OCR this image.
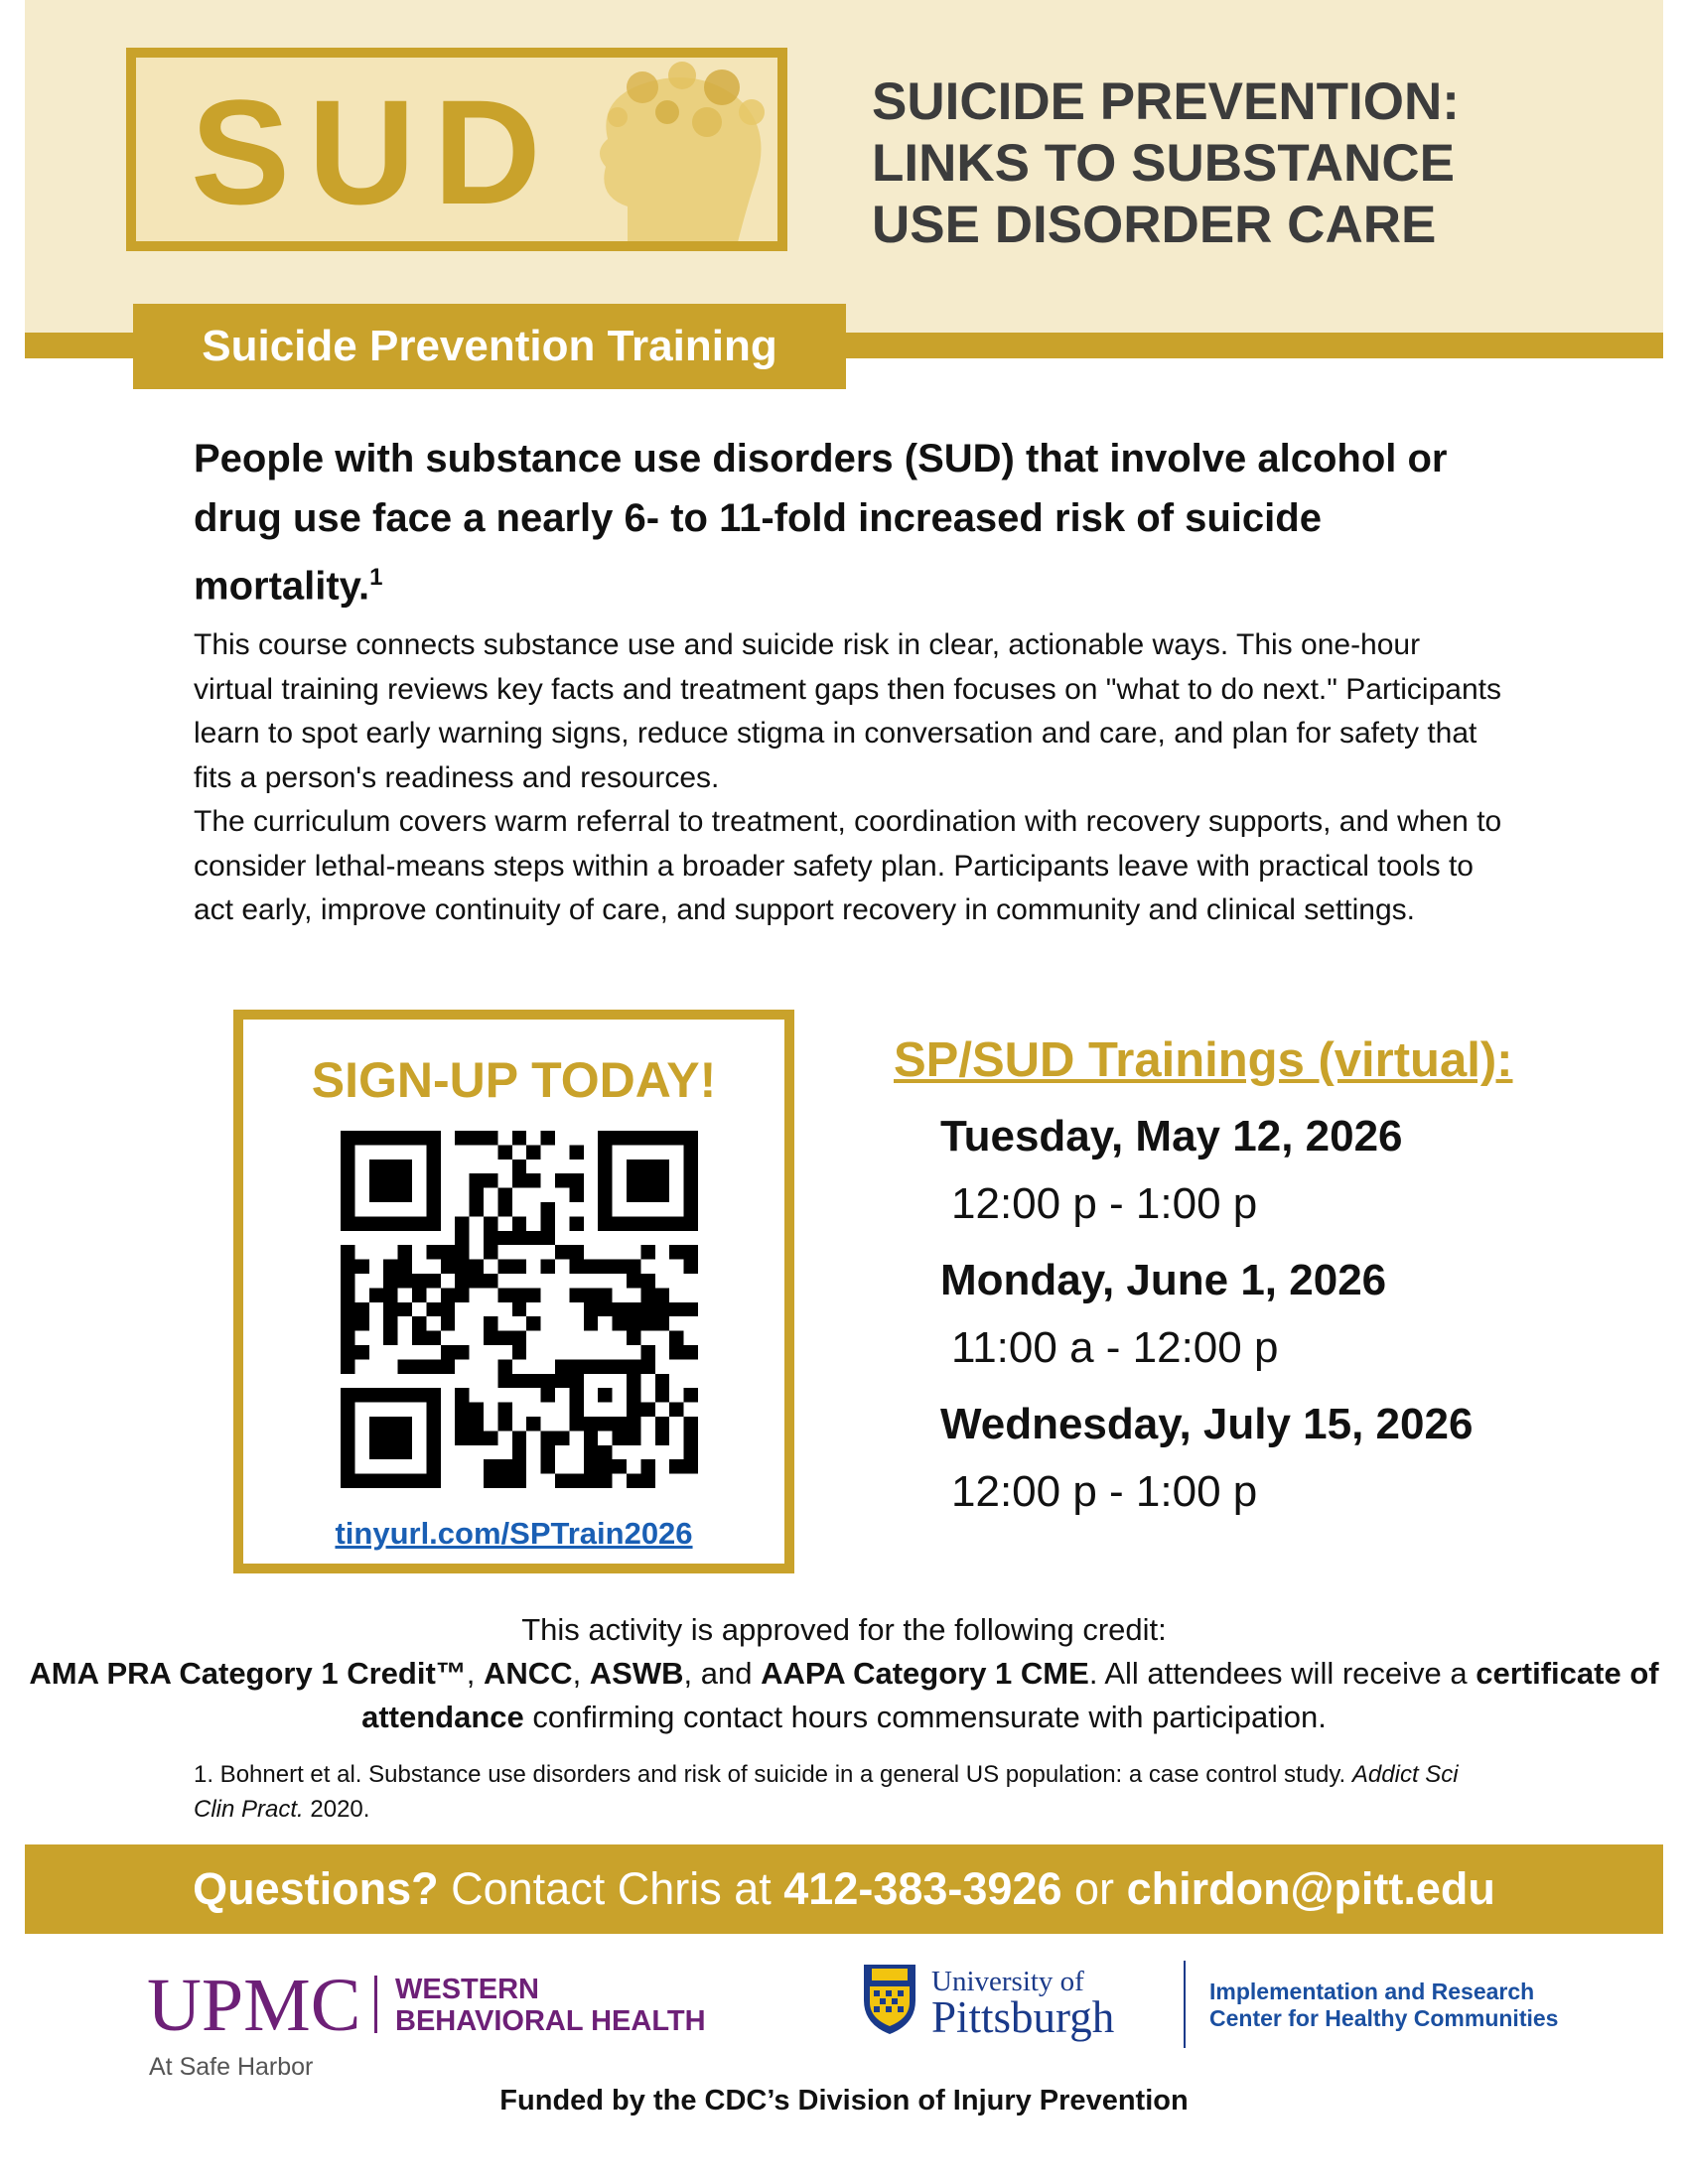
SUD	SUICIDE PREVENTION:
LINKS TO SUBSTANCE
USE DISORDER CARE
Suicide Prevention Training
People with substance use disorders (SUD) that involve alcohol or drug use face a nearly 6- to 11-fold increased risk of suicide mortality.$^1$

This course connects substance use and suicide risk in clear, actionable ways. This one-hour virtual training reviews key facts and treatment gaps then focuses on "what to do next." Participants learn to spot early warning signs, reduce stigma in conversation and care, and plan for safety that fits a person's readiness and resources.

The curriculum covers warm referral to treatment, coordination with recovery supports, and when to consider lethal-means steps within a broader safety plan. Participants leave with practical tools to act early, improve continuity of care, and support recovery in community and clinical settings.

SIGN-UP TODAY!
tinyurl.com/SPTrain2026
SP/SUD Trainings (virtual):
Tuesday, May 12, 2026
12:00 p - 1:00 p
Monday, June 1, 2026
11:00 a - 12:00 p
Wednesday, July 15, 2026
12:00 p - 1:00 p

This activity is approved for the following credit:

AMA PRA Category 1 Credit™, ANCC, ASWB, and AAPA Category 1 CME. All attendees will receive a certificate of attendance confirming contact hours commensurate with participation.

1. Bohnert et al. Substance use disorders and risk of suicide in a general US population: a case control study. Addict Sci Clin Pract. 2020.
Questions?
Contact Chris at
412-383-3926
or
chirdon@pitt.edu
UPMC WESTERN
BEHAVIORAL HEALTH
At Safe Harbor
University of
Pittsburgh
Implementation and Research
Center for Healthy Communities
Funded by the CDC’s Division of Injury Prevention
